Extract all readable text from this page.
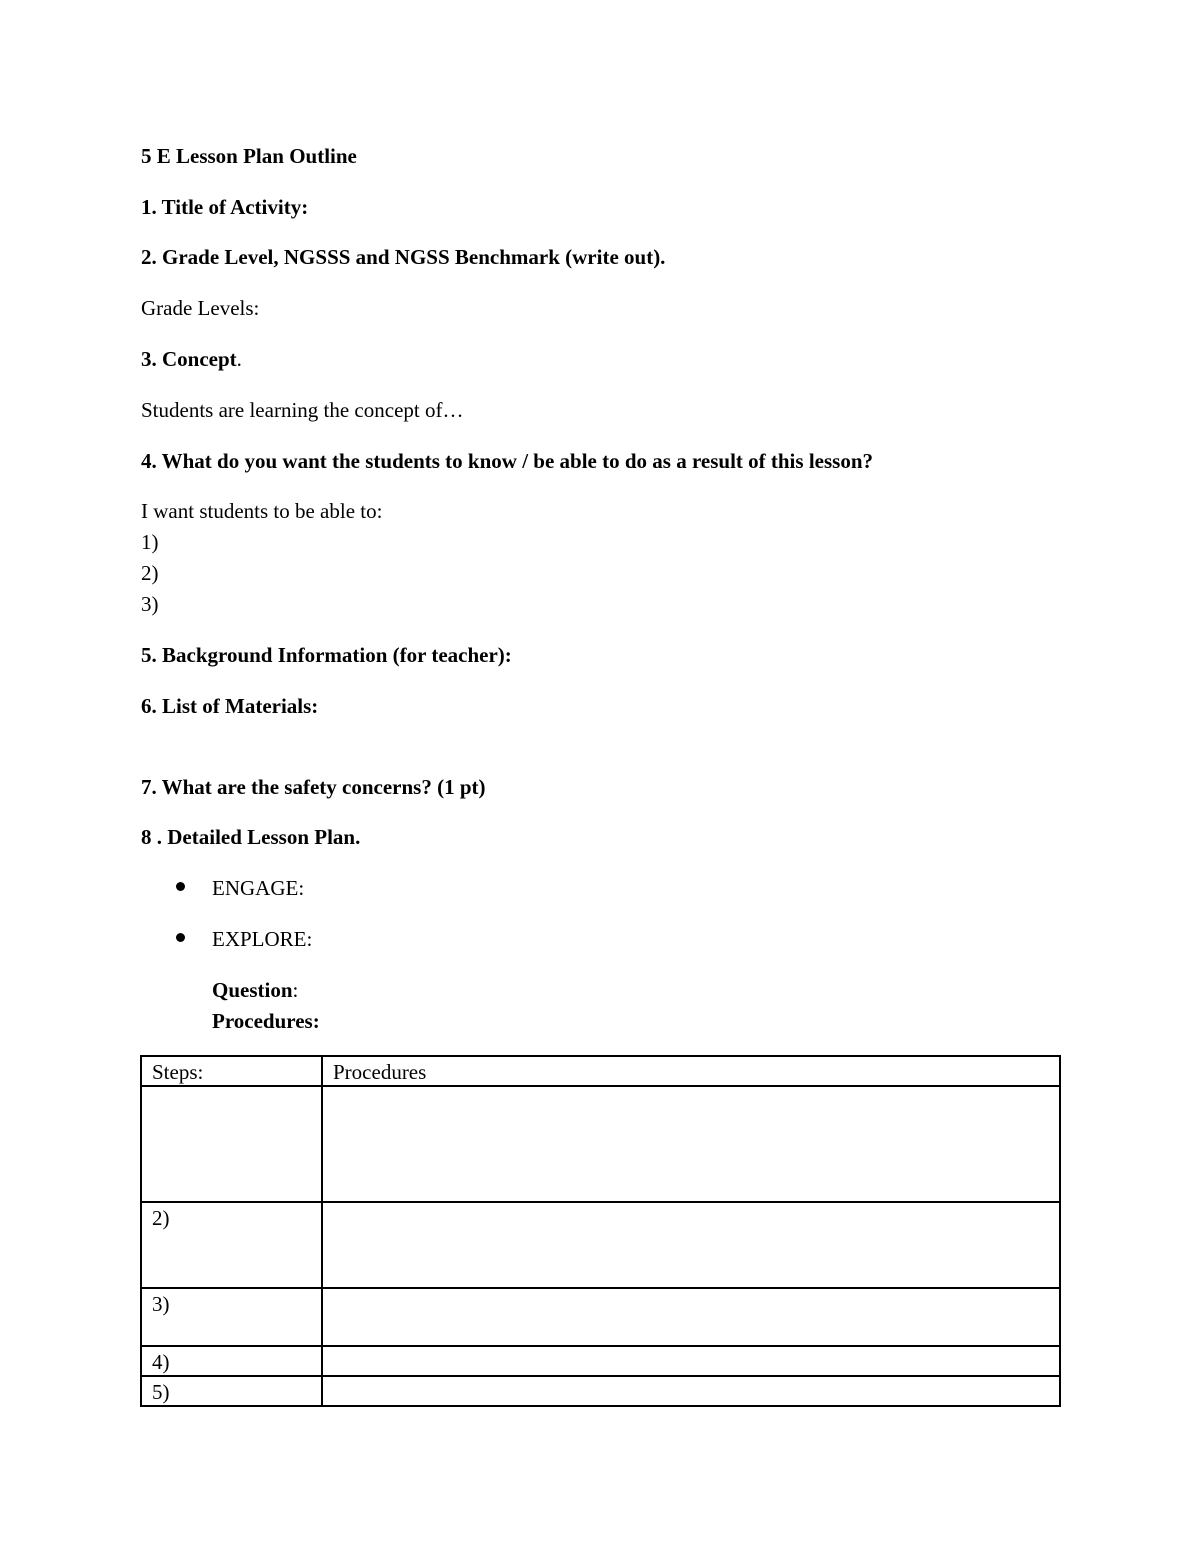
5 E Lesson Plan Outline
1. Title of Activity:
2. Grade Level, NGSSS and NGSS Benchmark (write out).
Grade Levels:
3. Concept.
Students are learning the concept of…
4. What do you want the students to know / be able to do as a result of this lesson?
I want students to be able to:
1)
2)
3)
5. Background Information (for teacher):
6. List of Materials:
7. What are the safety concerns? (1 pt)
8 . Detailed Lesson Plan.
ENGAGE:
EXPLORE:
Question:
Procedures:
Steps:	Procedures

2)	
3)	
4)	
5)	
